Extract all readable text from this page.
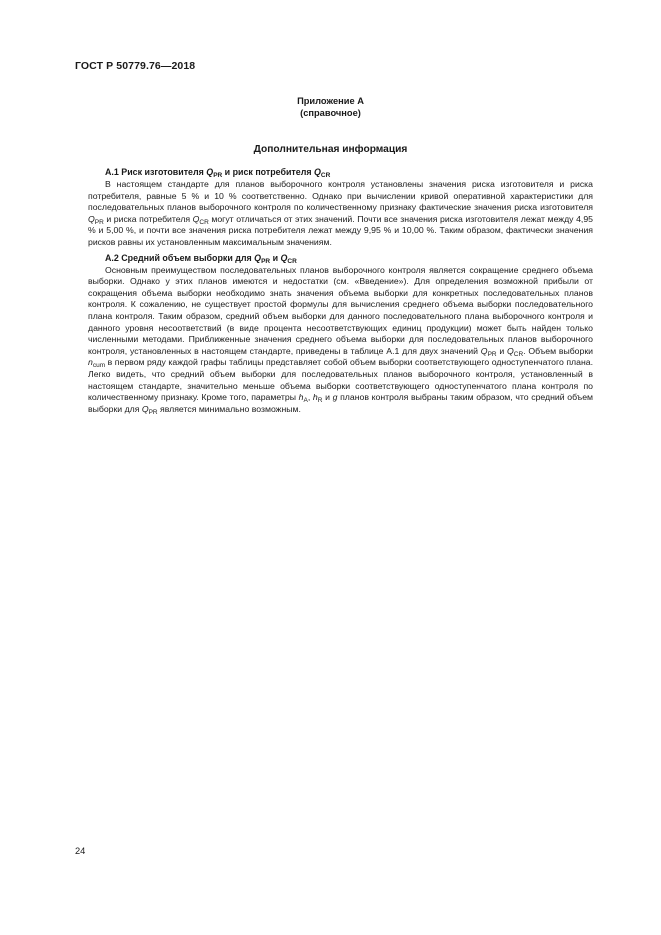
ГОСТ Р 50779.76—2018
Приложение А
(справочное)
Дополнительная информация
А.1 Риск изготовителя $Q_{PR}$ и риск потребителя $Q_{CR}$

В настоящем стандарте для планов выборочного контроля установлены значения риска изготовителя и риска потребителя, равные 5 % и 10 % соответственно. Однако при вычислении кривой оперативной характеристики для последовательных планов выборочного контроля по количественному признаку фактические значения риска изготовителя $Q_{PR}$ и риска потребителя $Q_{CR}$ могут отличаться от этих значений. Почти все значения риска изготовителя лежат между 4,95 % и 5,00 %, и почти все значения риска потребителя лежат между 9,95 % и 10,00 %. Таким образом, фактически значения рисков равны их установленным максимальным значениям.

А.2 Средний объем выборки для $Q_{PR}$ и $Q_{CR}$

Основным преимуществом последовательных планов выборочного контроля является сокращение среднего объема выборки. Однако у этих планов имеются и недостатки (см. «Введение»). Для определения возможной прибыли от сокращения объема выборки необходимо знать значения объема выборки для конкретных последовательных планов контроля. К сожалению, не существует простой формулы для вычисления среднего объема выборки последовательного плана контроля. Таким образом, средний объем выборки для данного последовательного плана выборочного контроля и данного уровня несоответствий (в виде процента несоответствующих единиц продукции) может быть найден только численными методами. Приближенные значения среднего объема выборки для последовательных планов выборочного контроля, установленных в настоящем стандарте, приведены в таблице А.1 для двух значений $Q_{PR}$ и $Q_{CR}$. Объем выборки $n_{cum}$ в первом ряду каждой графы таблицы представляет собой объем выборки соответствующего одноступенчатого плана. Легко видеть, что средний объем выборки для последовательных планов выборочного контроля, установленный в настоящем стандарте, значительно меньше объема выборки соответствующего одноступенчатого плана контроля по количественному признаку. Кроме того, параметры $h_A$, $h_R$ и g планов контроля выбраны таким образом, что средний объем выборки для $Q_{PR}$ является минимально возможным.

24
